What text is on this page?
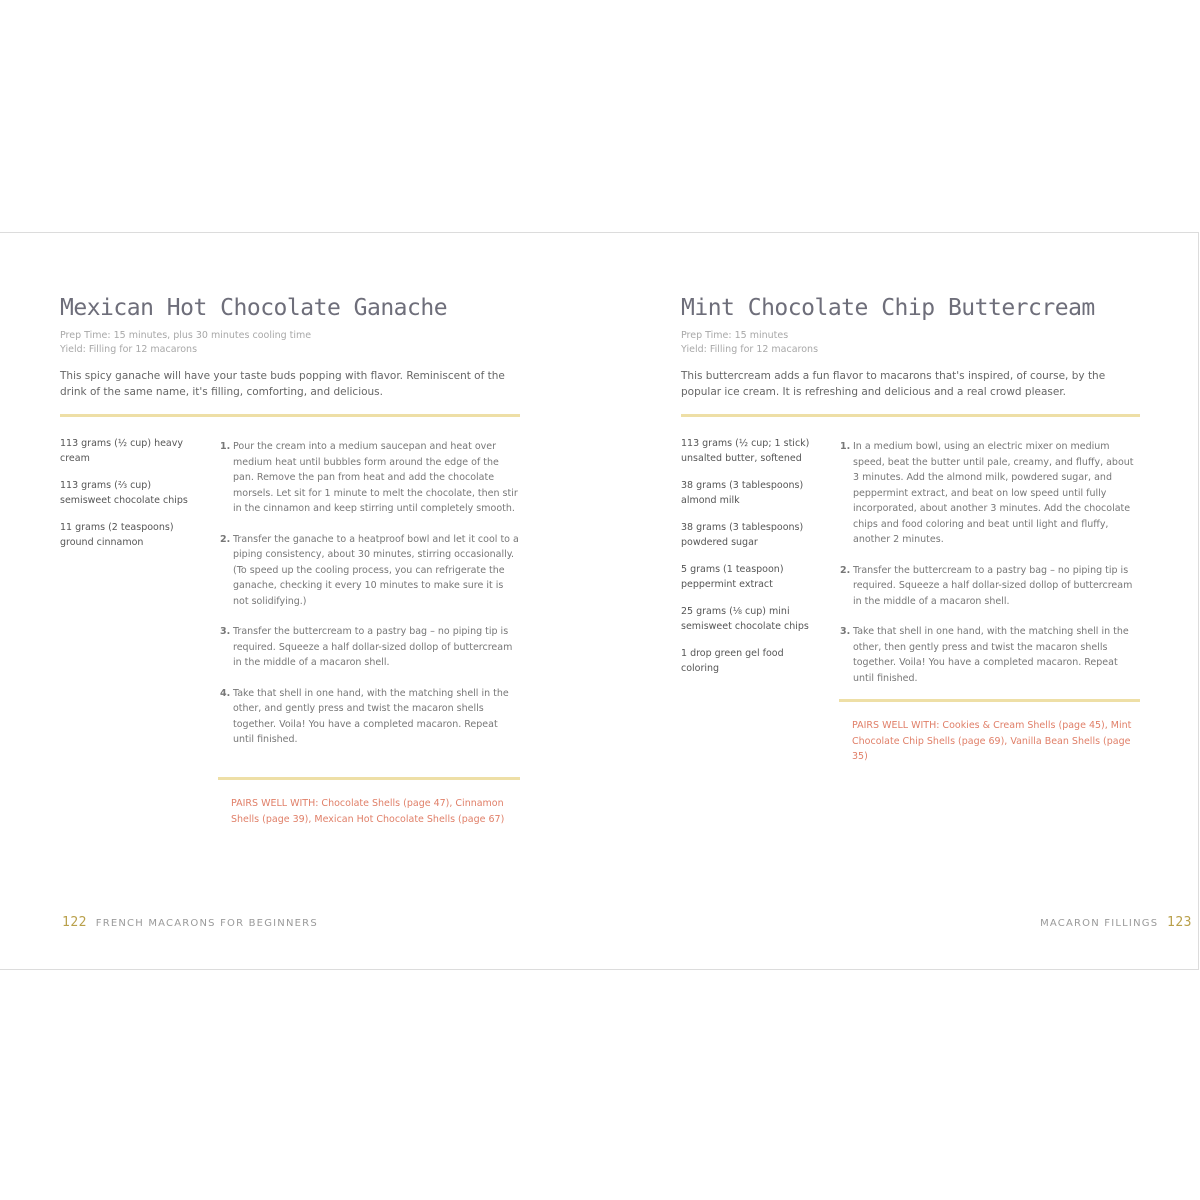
Mexican Hot Chocolate Ganache
Prep Time: 15 minutes, plus 30 minutes cooling time
Yield: Filling for 12 macarons
This spicy ganache will have your taste buds popping with flavor. Reminiscent of the drink of the same name, it's filling, comforting, and delicious.
113 grams (½ cup) heavy cream
113 grams (⅔ cup) semisweet chocolate chips
11 grams (2 teaspoons) ground cinnamon
1. Pour the cream into a medium saucepan and heat over medium heat until bubbles form around the edge of the pan. Remove the pan from heat and add the chocolate morsels. Let sit for 1 minute to melt the chocolate, then stir in the cinnamon and keep stirring until completely smooth.
2. Transfer the ganache to a heatproof bowl and let it cool to a piping consistency, about 30 minutes, stirring occasionally. (To speed up the cooling process, you can refrigerate the ganache, checking it every 10 minutes to make sure it is not solidifying.)
3. Transfer the buttercream to a pastry bag – no piping tip is required. Squeeze a half dollar-sized dollop of buttercream in the middle of a macaron shell.
4. Take that shell in one hand, with the matching shell in the other, and gently press and twist the macaron shells together. Voila! You have a completed macaron. Repeat until finished.
PAIRS WELL WITH: Chocolate Shells (page 47), Cinnamon Shells (page 39), Mexican Hot Chocolate Shells (page 67)
122 FRENCH MACARONS FOR BEGINNERS
Mint Chocolate Chip Buttercream
Prep Time: 15 minutes
Yield: Filling for 12 macarons
This buttercream adds a fun flavor to macarons that's inspired, of course, by the popular ice cream. It is refreshing and delicious and a real crowd pleaser.
113 grams (½ cup; 1 stick) unsalted butter, softened
38 grams (3 tablespoons) almond milk
38 grams (3 tablespoons) powdered sugar
5 grams (1 teaspoon) peppermint extract
25 grams (⅛ cup) mini semisweet chocolate chips
1 drop green gel food coloring
1. In a medium bowl, using an electric mixer on medium speed, beat the butter until pale, creamy, and fluffy, about 3 minutes. Add the almond milk, powdered sugar, and peppermint extract, and beat on low speed until fully incorporated, about another 3 minutes. Add the chocolate chips and food coloring and beat until light and fluffy, another 2 minutes.
2. Transfer the buttercream to a pastry bag – no piping tip is required. Squeeze a half dollar-sized dollop of buttercream in the middle of a macaron shell.
3. Take that shell in one hand, with the matching shell in the other, then gently press and twist the macaron shells together. Voila! You have a completed macaron. Repeat until finished.
PAIRS WELL WITH: Cookies & Cream Shells (page 45), Mint Chocolate Chip Shells (page 69), Vanilla Bean Shells (page 35)
MACARON FILLINGS 123
